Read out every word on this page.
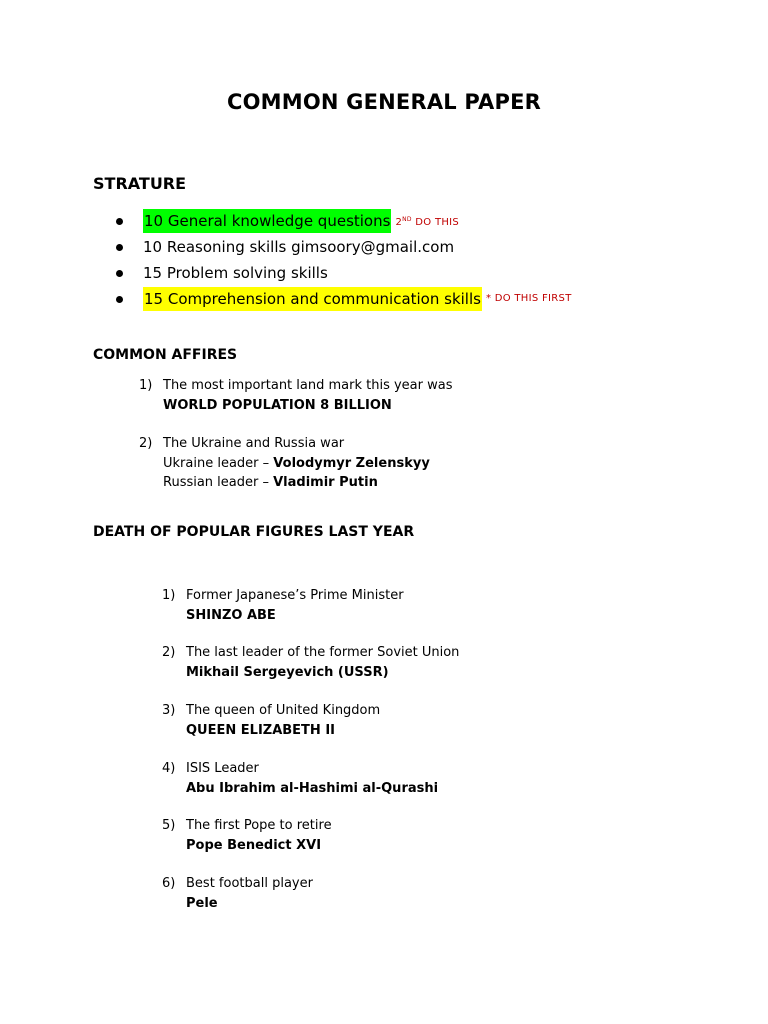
COMMON GENERAL PAPER
STRATURE
10 General knowledge questions 2ND DO THIS
10 Reasoning skills gimsoory@gmail.com
15 Problem solving skills
15 Comprehension and communication skills * DO THIS FIRST
COMMON AFFIRES
1) The most important land mark this year was
WORLD POPULATION 8 BILLION
2) The Ukraine and Russia war
Ukraine leader – Volodymyr Zelenskyy
Russian leader – Vladimir Putin
DEATH OF POPULAR FIGURES LAST YEAR
1) Former Japanese’s Prime Minister
SHINZO ABE
2) The last leader of the former Soviet Union
Mikhail Sergeyevich (USSR)
3) The queen of United Kingdom
QUEEN ELIZABETH II
4) ISIS Leader
Abu Ibrahim al-Hashimi al-Qurashi
5) The first Pope to retire
Pope Benedict XVI
6) Best football player
Pele
